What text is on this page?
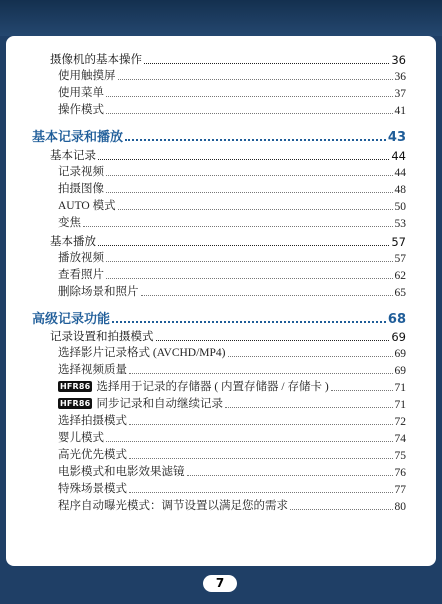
摄像机的基本操作	36
使用触摸屏	36
使用菜单	37
操作模式	41
基本记录和播放	43
基本记录	44
记录视频	44
拍摄图像	48
AUTO 模式	50
变焦	53
基本播放	57
播放视频	57
查看照片	62
删除场景和照片	65
高级记录功能	68
记录设置和拍摄模式	69
选择影片记录格式 (AVCHD/MP4)	69
选择视频质量	69
HFR86 选择用于记录的存储器 ( 内置存储器 / 存储卡 )	71
HFR86 同步记录和自动继续记录	71
选择拍摄模式	72
婴儿模式	74
高光优先模式	75
电影模式和电影效果滤镜	76
特殊场景模式	77
程序自动曝光模式：调节设置以满足您的需求	80
7
